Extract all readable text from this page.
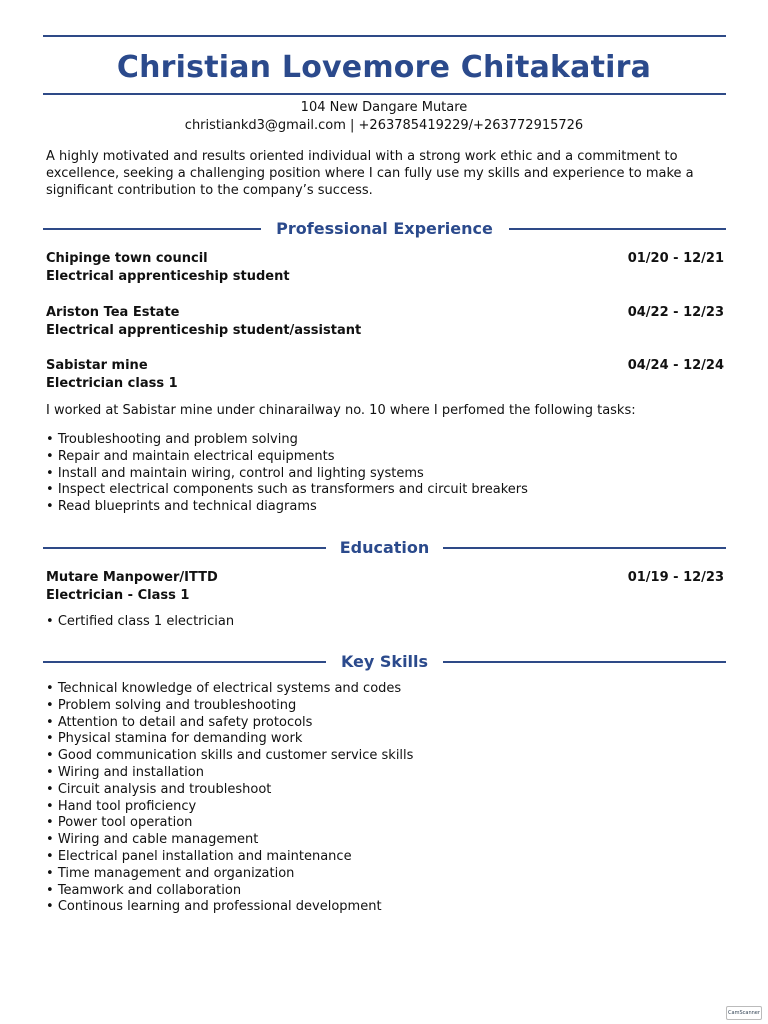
Christian Lovemore Chitakatira
104 New Dangare Mutare
christiankd3@gmail.com | +263785419229/+263772915726
A highly motivated and results oriented individual with a strong work ethic and a commitment to excellence, seeking a challenging position where I can fully use my skills and experience to make a significant contribution to the company’s success.
Professional Experience
Chipinge town council
Electrical apprenticeship student
01/20 - 12/21
Ariston Tea Estate
Electrical apprenticeship student/assistant
04/22 - 12/23
Sabistar mine
Electrician class 1
04/24 - 12/24
I worked at Sabistar mine under chinarailway no. 10 where I perfomed the following tasks:
• Troubleshooting and problem solving
• Repair and maintain electrical equipments
• Install and maintain wiring, control and lighting systems
• Inspect electrical components such as transformers and circuit breakers
• Read blueprints and technical diagrams
Education
Mutare Manpower/ITTD
Electrician - Class 1
01/19 - 12/23
• Certified class 1 electrician
Key Skills
• Technical knowledge of electrical systems and codes
• Problem solving and troubleshooting
• Attention to detail and safety protocols
• Physical stamina for demanding work
• Good communication skills and customer service skills
• Wiring and installation
• Circuit analysis and troubleshoot
• Hand tool proficiency
• Power tool operation
• Wiring and cable management
• Electrical panel installation and maintenance
• Time management and organization
• Teamwork and collaboration
• Continous learning and professional development
CamScanner
